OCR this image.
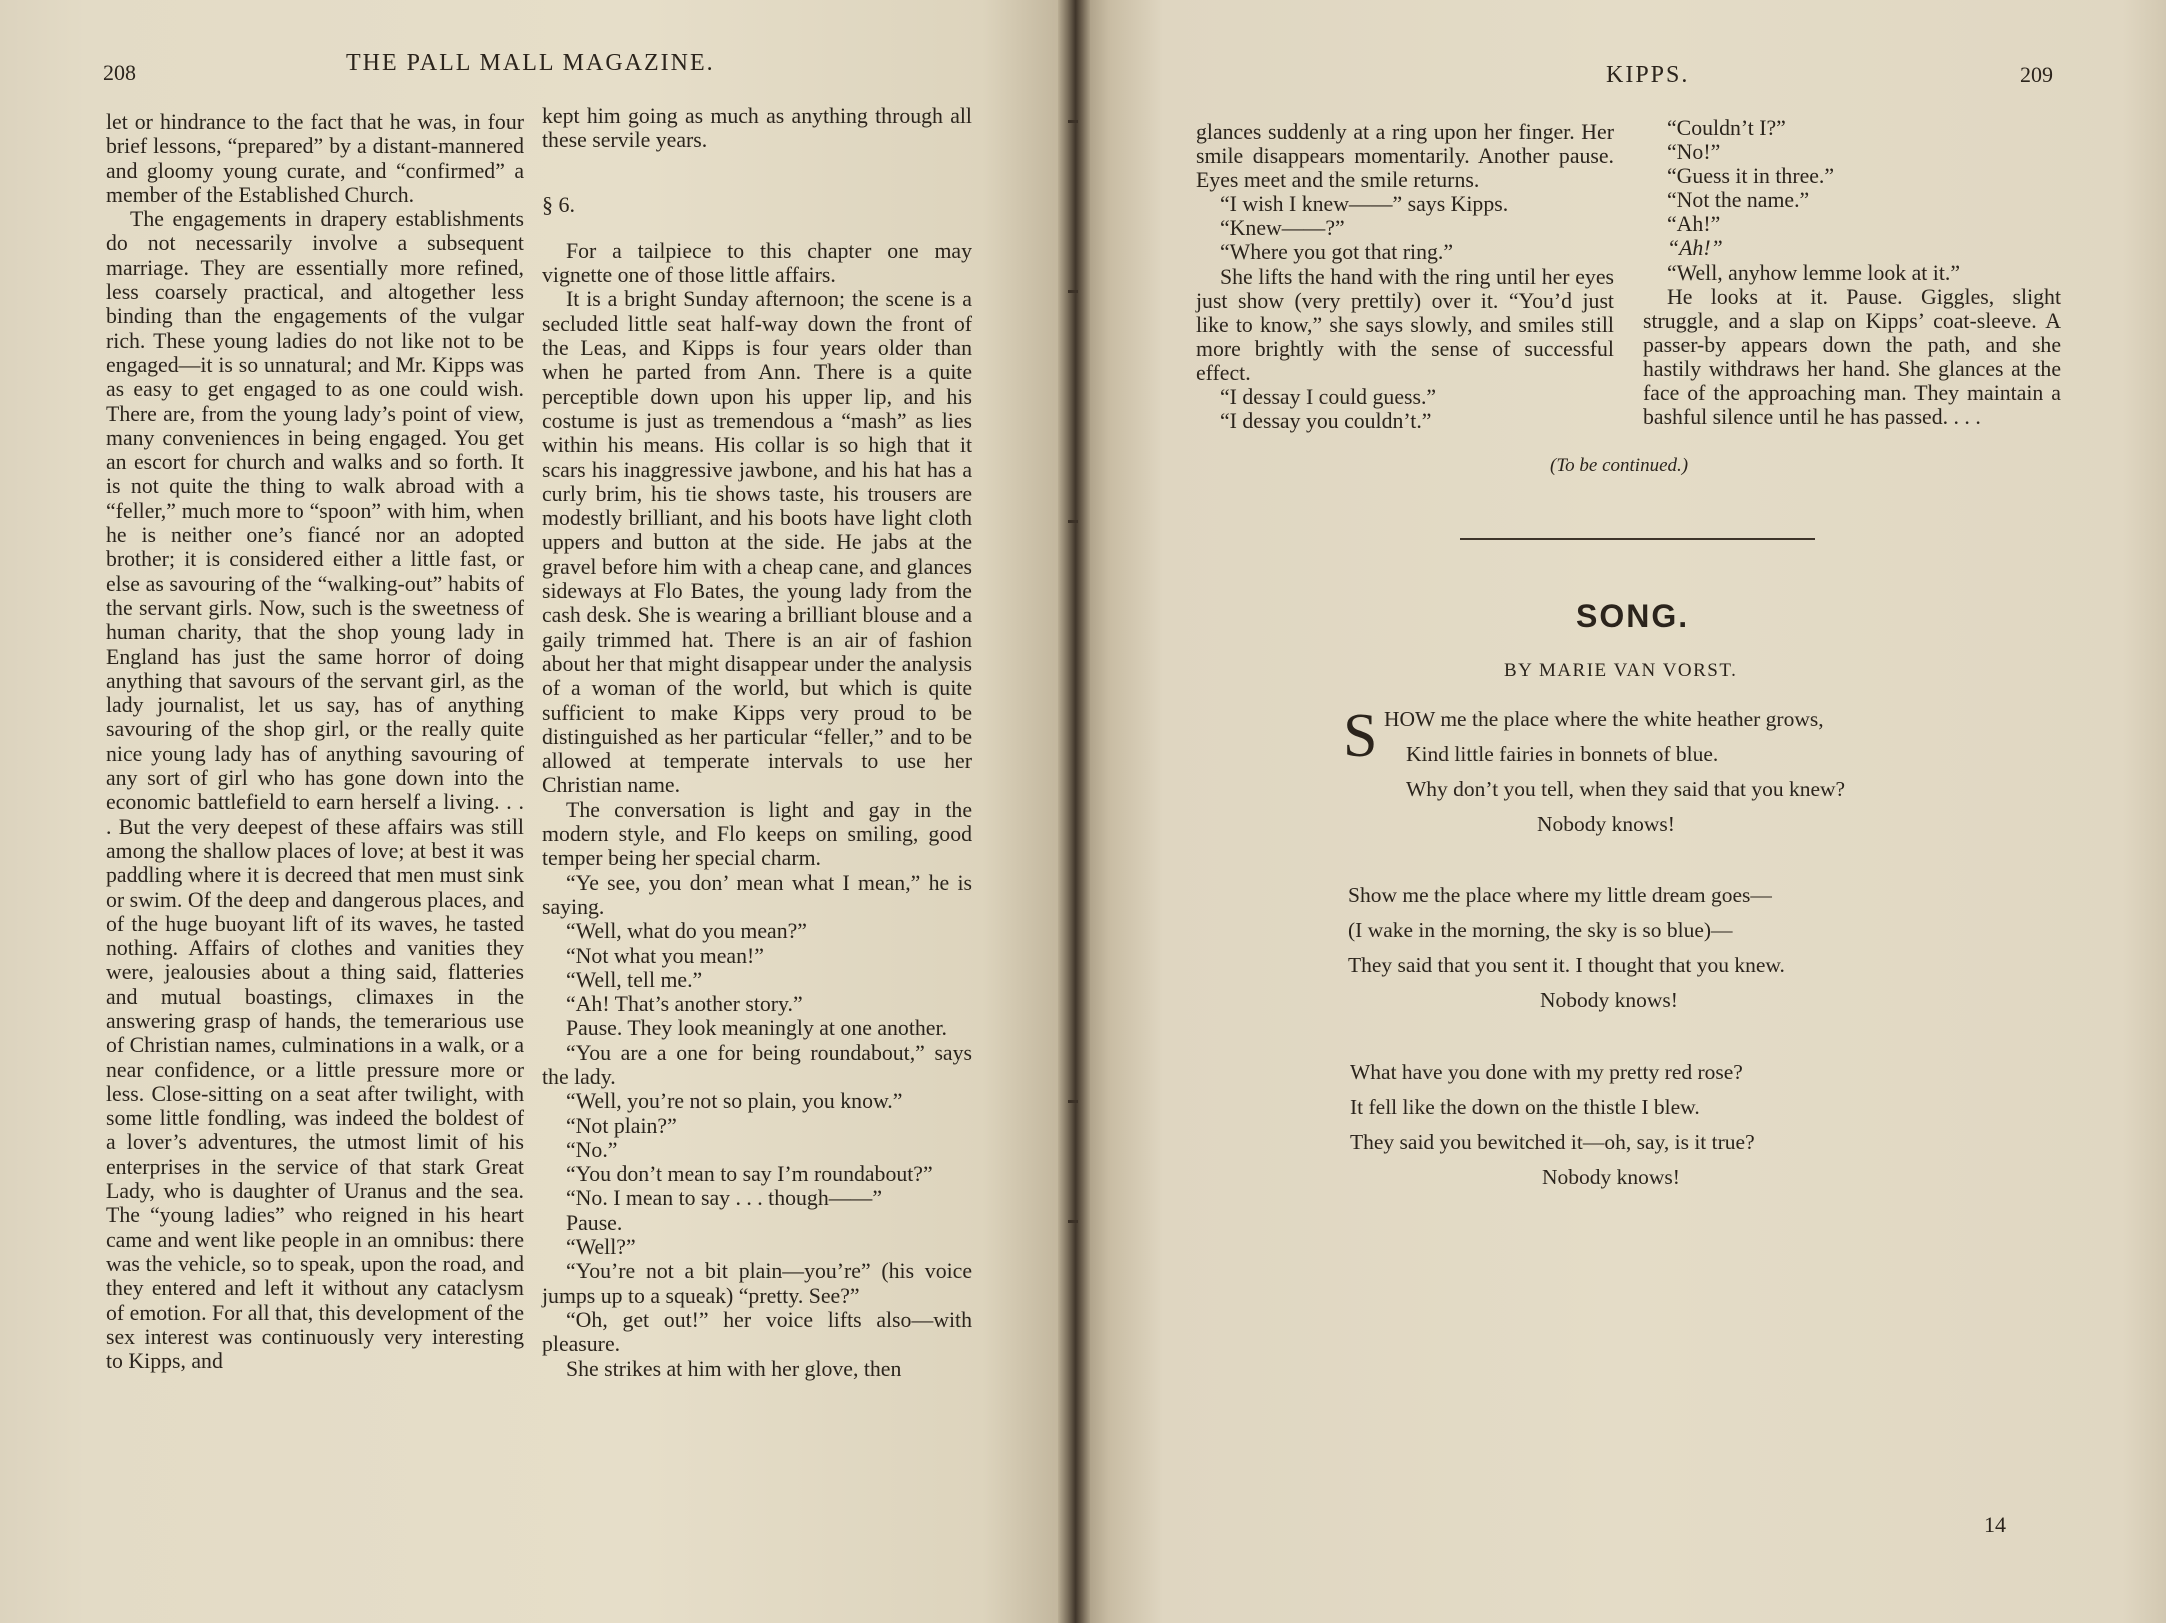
208	THE PALL MALL MAGAZINE.

let or hindrance to the fact that he was, in four brief lessons, “prepared” by a distant-mannered and gloomy young curate, and “confirmed” a member of the Established Church.

The engagements in drapery establishments do not necessarily involve a subsequent marriage. They are essentially more refined, less coarsely practical, and altogether less binding than the engagements of the vulgar rich. These young ladies do not like not to be engaged—it is so unnatural; and Mr. Kipps was as easy to get engaged to as one could wish. There are, from the young lady’s point of view, many conveniences in being engaged. You get an escort for church and walks and so forth. It is not quite the thing to walk abroad with a “feller,” much more to “spoon” with him, when he is neither one’s fiancé nor an adopted brother; it is considered either a little fast, or else as savouring of the “walking-out” habits of the servant girls. Now, such is the sweetness of human charity, that the shop young lady in England has just the same horror of doing anything that savours of the servant girl, as the lady journalist, let us say, has of anything savouring of the shop girl, or the really quite nice young lady has of anything savouring of any sort of girl who has gone down into the economic battlefield to earn herself a living. . . . But the very deepest of these affairs was still among the shallow places of love; at best it was paddling where it is decreed that men must sink or swim. Of the deep and dangerous places, and of the huge buoyant lift of its waves, he tasted nothing. Affairs of clothes and vanities they were, jealousies about a thing said, flatteries and mutual boastings, climaxes in the answering grasp of hands, the temerarious use of Christian names, culminations in a walk, or a near confidence, or a little pressure more or less. Close-sitting on a seat after twilight, with some little fondling, was indeed the boldest of a lover’s adventures, the utmost limit of his enterprises in the service of that stark Great Lady, who is daughter of Uranus and the sea. The “young ladies” who reigned in his heart came and went like people in an omnibus: there was the vehicle, so to speak, upon the road, and they entered and left it without any cataclysm of emotion. For all that, this development of the sex interest was continuously very interesting to Kipps, and

kept him going as much as anything through all these servile years.

§ 6.

For a tailpiece to this chapter one may vignette one of those little affairs.

It is a bright Sunday afternoon; the scene is a secluded little seat half-way down the front of the Leas, and Kipps is four years older than when he parted from Ann. There is a quite perceptible down upon his upper lip, and his costume is just as tremendous a “mash” as lies within his means. His collar is so high that it scars his inaggressive jawbone, and his hat has a curly brim, his tie shows taste, his trousers are modestly brilliant, and his boots have light cloth uppers and button at the side. He jabs at the gravel before him with a cheap cane, and glances sideways at Flo Bates, the young lady from the cash desk. She is wearing a brilliant blouse and a gaily trimmed hat. There is an air of fashion about her that might disappear under the analysis of a woman of the world, but which is quite sufficient to make Kipps very proud to be distinguished as her particular “feller,” and to be allowed at temperate intervals to use her Christian name.

The conversation is light and gay in the modern style, and Flo keeps on smiling, good temper being her special charm.

“Ye see, you don’ mean what I mean,” he is saying.

“Well, what do you mean?”

“Not what you mean!”

“Well, tell me.”

“Ah! That’s another story.”

Pause. They look meaningly at one another.

“You are a one for being roundabout,” says the lady.

“Well, you’re not so plain, you know.”

“Not plain?”

“No.”

“You don’t mean to say I’m roundabout?”

“No. I mean to say . . . though——”

Pause.

“Well?”

“You’re not a bit plain—you’re” (his voice jumps up to a squeak) “pretty. See?”

“Oh, get out!” her voice lifts also—with pleasure.

She strikes at him with her glove, then

KIPPS.	209

glances suddenly at a ring upon her finger. Her smile disappears momentarily. Another pause. Eyes meet and the smile returns.

“I wish I knew——” says Kipps.

“Knew——?”

“Where you got that ring.”

She lifts the hand with the ring until her eyes just show (very prettily) over it. “You’d just like to know,” she says slowly, and smiles still more brightly with the sense of successful effect.

“I dessay I could guess.”

“I dessay you couldn’t.”

“Couldn’t I?”

“No!”

“Guess it in three.”

“Not the name.”

“Ah!”

“Ah!”

“Well, anyhow lemme look at it.”

He looks at it. Pause. Giggles, slight struggle, and a slap on Kipps’ coat-sleeve. A passer-by appears down the path, and she hastily withdraws her hand. She glances at the face of the approaching man. They maintain a bashful silence until he has passed. . . .

(To be continued.)
SONG.
BY MARIE VAN VORST.
S HOW me the place where the white heather grows,
Kind little fairies in bonnets of blue.
Why don’t you tell, when they said that you knew?
Nobody knows!
Show me the place where my little dream goes—
(I wake in the morning, the sky is so blue)—
They said that you sent it. I thought that you knew.
Nobody knows!
What have you done with my pretty red rose?
It fell like the down on the thistle I blew.
They said you bewitched it—oh, say, is it true?
Nobody knows!
14
